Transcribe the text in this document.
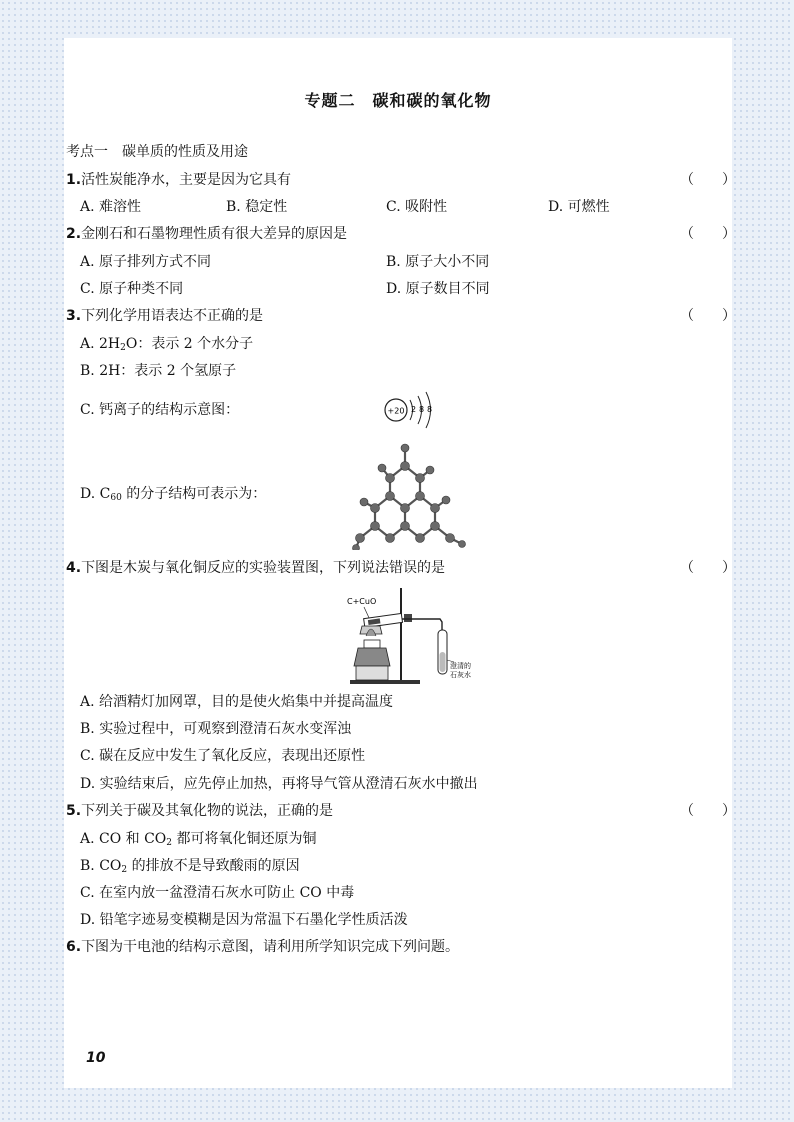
专题二　碳和碳的氧化物
考点一　碳单质的性质及用途
1.活性炭能净水，主要是因为它具有	（　　）
A. 难溶性	B. 稳定性	C. 吸附性	D. 可燃性
2.金刚石和石墨物理性质有很大差异的原因是	（　　）
A. 原子排列方式不同	B. 原子大小不同
C. 原子种类不同	D. 原子数目不同
3.下列化学用语表达不正确的是	（　　）
A. $2H_2O$：表示 2 个水分子
B. 2H：表示 2 个氢原子
C. 钙离子的结构示意图：	+20 2 8 8
D. $C_{60}$ 的分子结构可表示为：
4.下图是木炭与氧化铜反应的实验装置图，下列说法错误的是	（　　）
C+CuO
澄清的
石灰水
A. 给酒精灯加网罩，目的是使火焰集中并提高温度
B. 实验过程中，可观察到澄清石灰水变浑浊
C. 碳在反应中发生了氧化反应，表现出还原性
D. 实验结束后，应先停止加热，再将导气管从澄清石灰水中撤出
5.下列关于碳及其氧化物的说法，正确的是	（　　）
A. CO 和 $CO_2$ 都可将氧化铜还原为铜
B. $CO_2$ 的排放不是导致酸雨的原因
C. 在室内放一盆澄清石灰水可防止 CO 中毒
D. 铅笔字迹易变模糊是因为常温下石墨化学性质活泼
6.下图为干电池的结构示意图，请利用所学知识完成下列问题。
10
